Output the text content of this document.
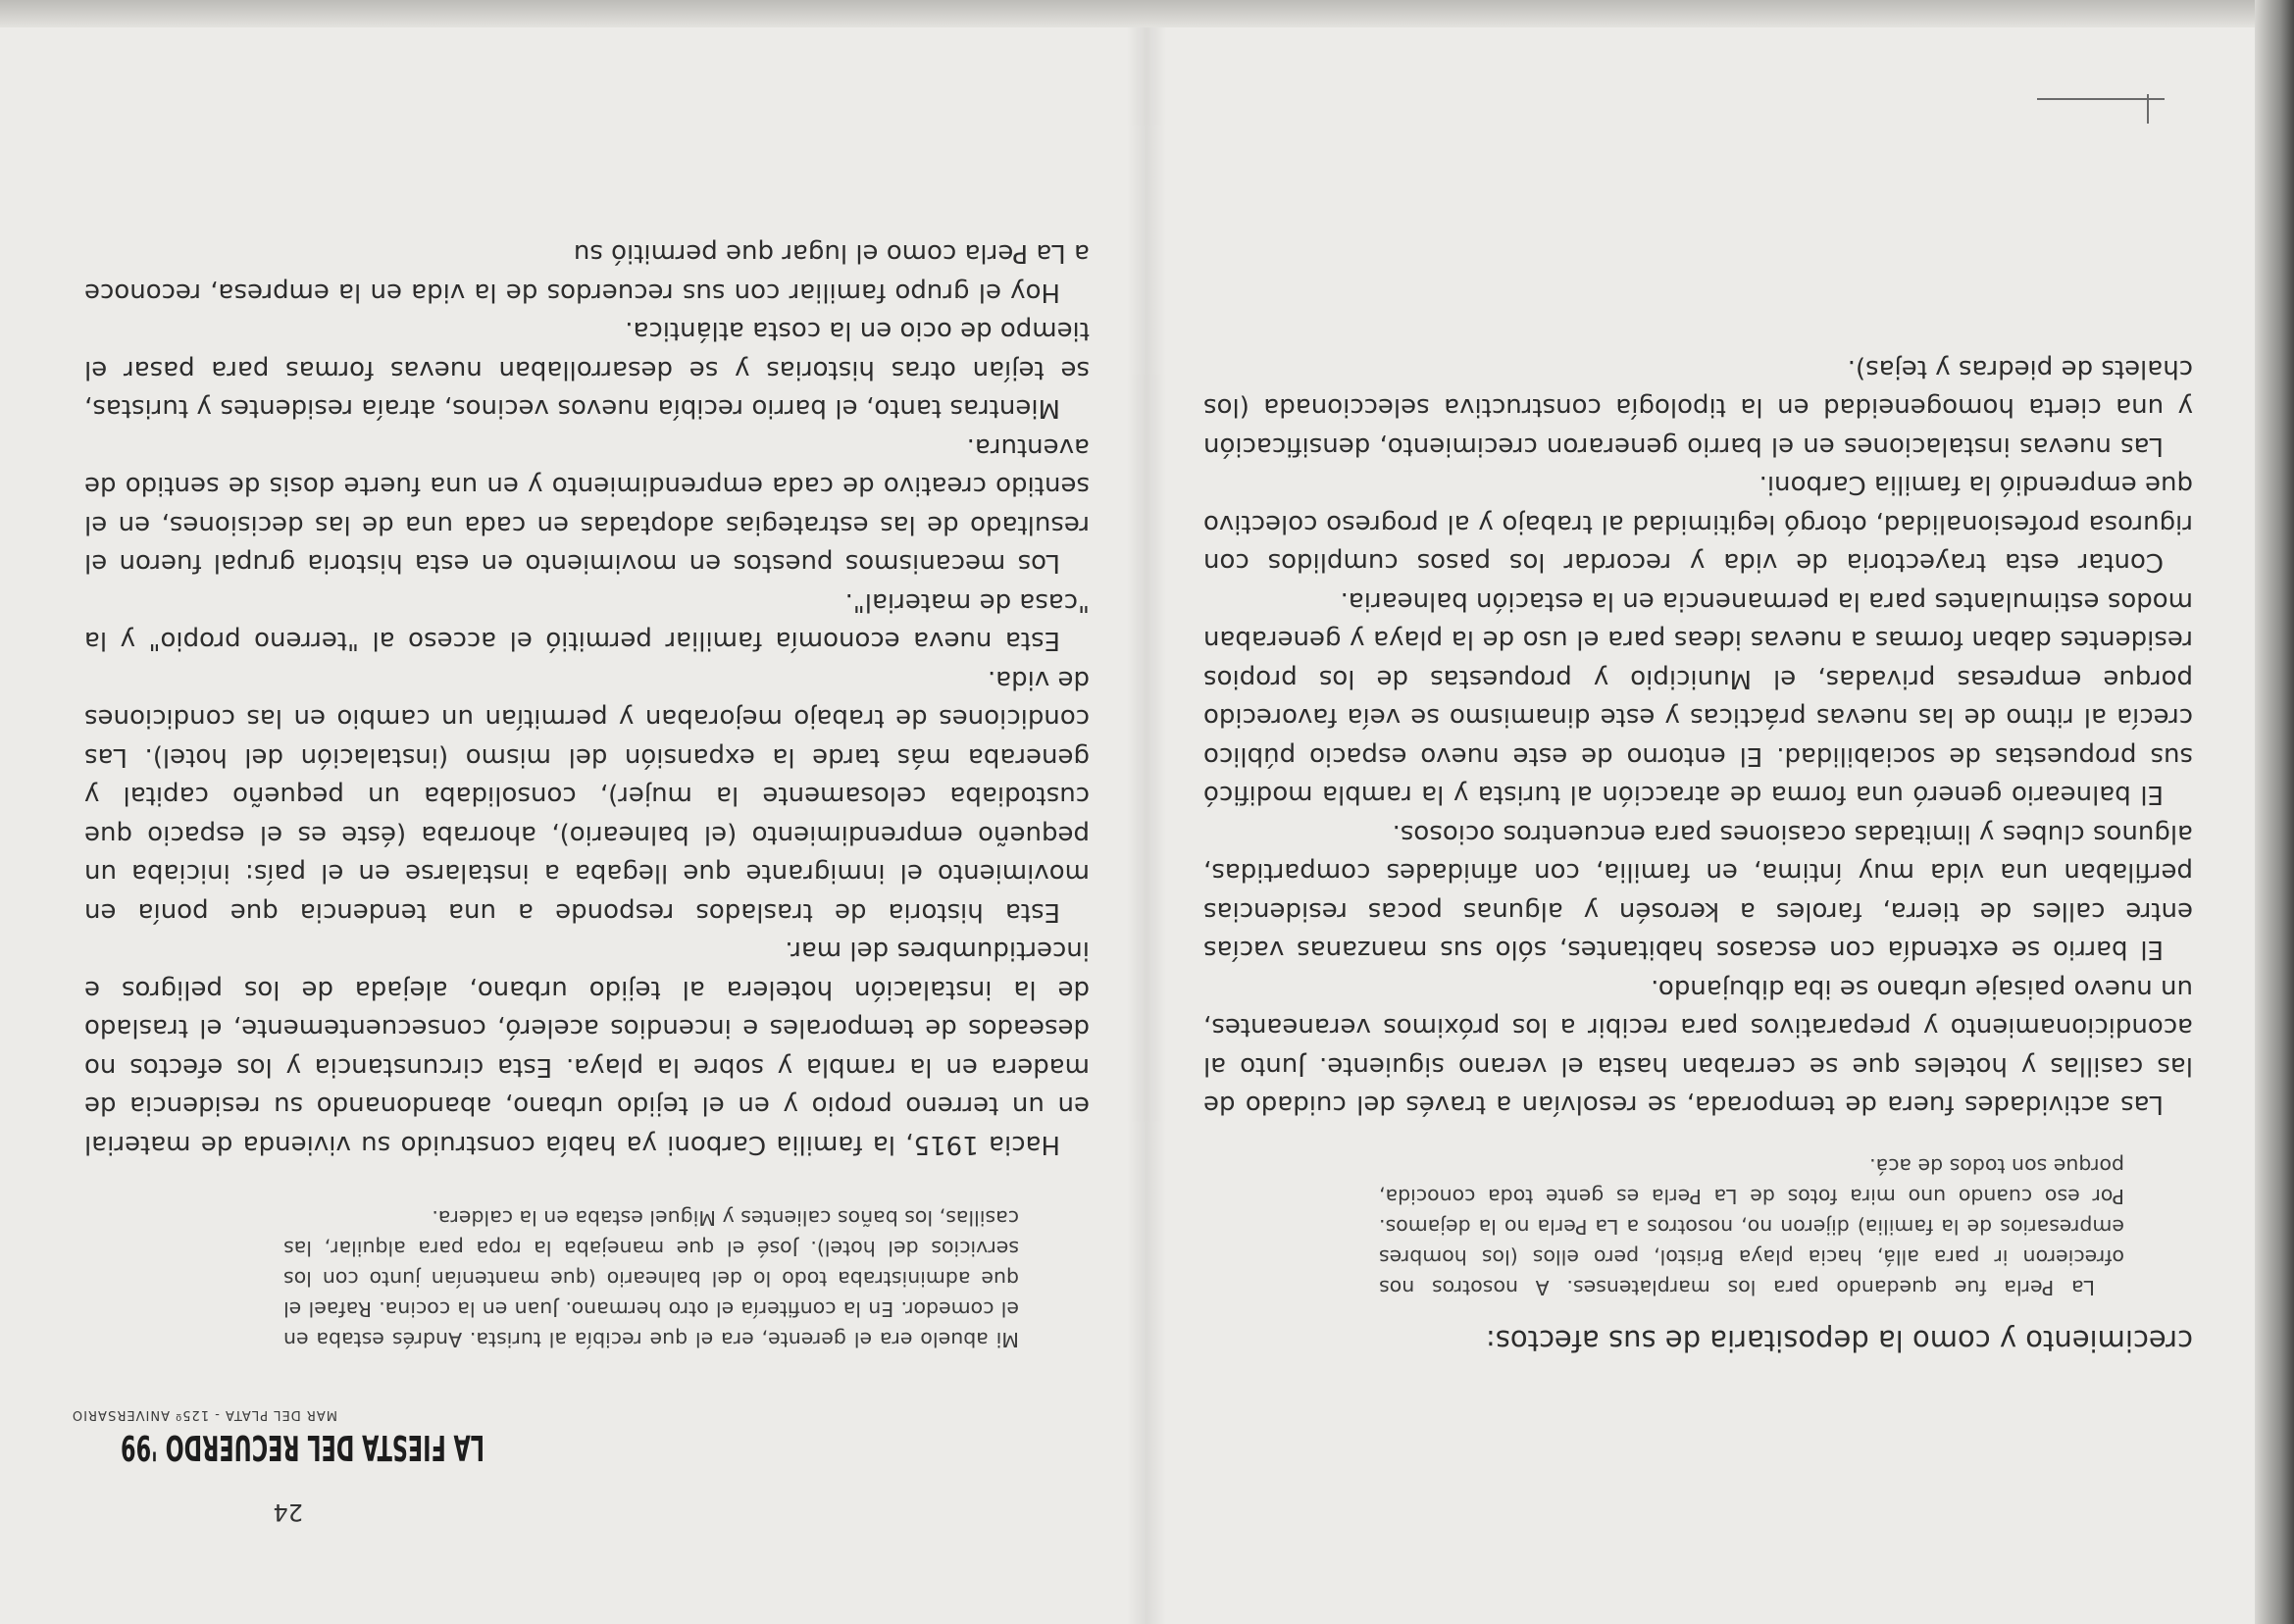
LA FIESTA DEL RECUERDO '99
MAR DEL PLATA - 125º ANIVERSARIO

Mi abuelo era el gerente, era el que recibía al turista. Andrés estaba en el comedor. En la confitería el otro hermano. Juan en la cocina. Rafael el que administraba todo lo del balneario (que mantenían junto con los servicios del hotel). José el que manejaba la ropa para alquilar, las casillas, los baños calientes y Miguel estaba en la caldera.

Hacia 1915, la familia Carboni ya había construido su vivienda de material en un terreno propio y en el tejido urbano, abandonando su residencia de madera en la rambla y sobre la playa. Esta circunstancia y los efectos no deseados de temporales e incendios aceleró, consecuentemente, el traslado de la instalación hotelera al tejido urbano, alejada de los peligros e incertidumbres del mar.

Esta historia de traslados responde a una tendencia que ponía en movimiento el inmigrante que llegaba a instalarse en el país: iniciaba un pequeño emprendimiento (el balneario), ahorraba (éste es el espacio que custodiaba celosamente la mujer), consolidaba un pequeño capital y generaba más tarde la expansión del mismo (instalación del hotel). Las condiciones de trabajo mejoraban y permitían un cambio en las condiciones de vida.

Esta nueva economía familiar permitió el acceso al "terreno propio" y la "casa de material".

Los mecanismos puestos en movimiento en esta historia grupal fueron el resultado de las estrategias adoptadas en cada una de las decisiones, en el sentido creativo de cada emprendimiento y en una fuerte dosis de sentido de aventura.

Mientras tanto, el barrio recibía nuevos vecinos, atraía residentes y turistas, se tejían otras historias y se desarrollaban nuevas formas para pasar el tiempo de ocio en la costa atlántica.

Hoy el grupo familiar con sus recuerdos de la vida en la empresa, reconoce a La Perla como el lugar que permitió su

crecimiento y como la depositaria de sus afectos:

La Perla fue quedando para los marplatenses. A nosotros nos ofrecieron ir para allá, hacia playa Bristol, pero ellos (los hombres empresarios de la familia) dijeron no, nosotros a La Perla no la dejamos. Por eso cuando uno mira fotos de La Perla es gente toda conocida, porque son todos de acá.

Las actividades fuera de temporada, se resolvían a través del cuidado de las casillas y hoteles que se cerraban hasta el verano siguiente. Junto al acondicionamiento y preparativos para recibir a los próximos veraneantes, un nuevo paisaje urbano se iba dibujando.

El barrio se extendía con escasos habitantes, sólo sus manzanas vacías entre calles de tierra, faroles a kerosén y algunas pocas residencias perfilaban una vida muy íntima, en familia, con afinidades compartidas, algunos clubes y limitadas ocasiones para encuentros ociosos.

El balneario generó una forma de atracción al turista y la rambla modificó sus propuestas de sociabilidad. El entorno de este nuevo espacio público crecía al ritmo de las nuevas prácticas y este dinamismo se veía favorecido porque empresas privadas, el Municipio y propuestas de los propios residentes daban formas a nuevas ideas para el uso de la playa y generaban modos estimulantes para la permanencia en la estación balnearia.

Contar esta trayectoria de vida y recordar los pasos cumplidos con rigurosa profesionalidad, otorgó legitimidad al trabajo y al progreso colectivo que emprendió la familia Carboni.

Las nuevas instalaciones en el barrio generaron crecimiento, densificación y una cierta homogeneidad en la tipología constructiva seleccionada (los chalets de piedras y tejas).

24
